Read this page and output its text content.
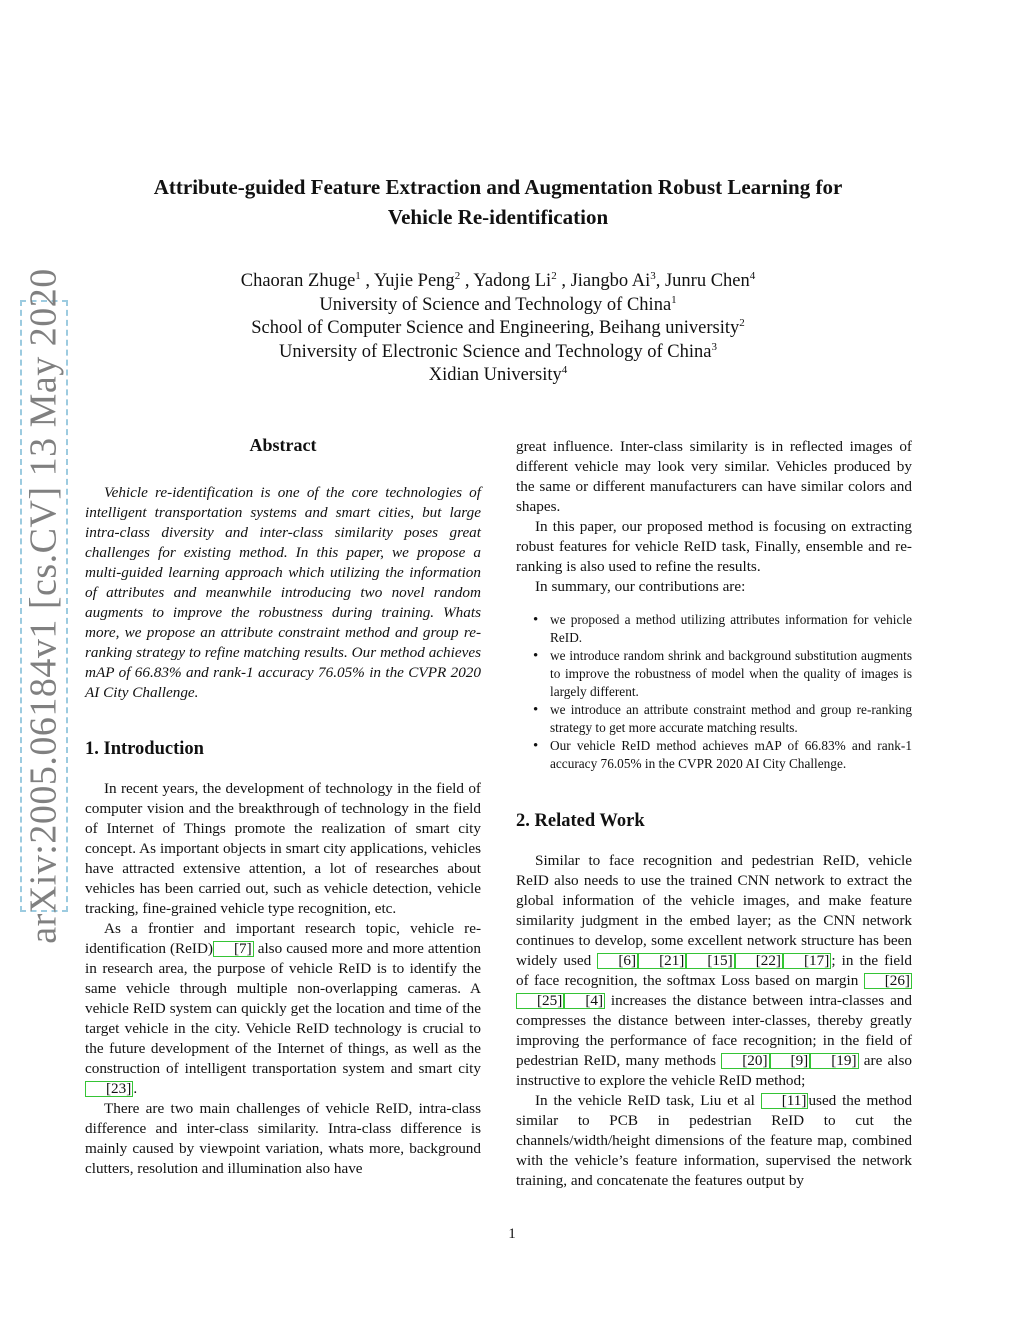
arXiv:2005.06184v1 [cs.CV] 13 May 2020
Attribute-guided Feature Extraction and Augmentation Robust Learning for
Vehicle Re-identification
Chaoran Zhuge$^1$ , Yujie Peng$^2$ , Yadong Li$^2$ , Jiangbo Ai$^3$, Junru Chen$^4$
University of Science and Technology of China$^1$
School of Computer Science and Engineering, Beihang university$^2$
University of Electronic Science and Technology of China$^3$
Xidian University$^4$
Abstract

Vehicle re-identification is one of the core technologies of intelligent transportation systems and smart cities, but large intra-class diversity and inter-class similarity poses great challenges for existing method. In this paper, we propose a multi-guided learning approach which utilizing the information of attributes and meanwhile introducing two novel random augments to improve the robustness during training. Whats more, we propose an attribute constraint method and group re-ranking strategy to refine matching results. Our method achieves mAP of 66.83% and rank-1 accuracy 76.05% in the CVPR 2020 AI City Challenge.

1. Introduction

In recent years, the development of technology in the field of computer vision and the breakthrough of technology in the field of Internet of Things promote the realization of smart city concept. As important objects in smart city applications, vehicles have attracted extensive attention, a lot of researches about vehicles has been carried out, such as vehicle detection, vehicle tracking, fine-grained vehicle type recognition, etc.

As a frontier and important research topic, vehicle re-identification (ReID) [7] also caused more and more attention in research area, the purpose of vehicle ReID is to identify the same vehicle through multiple non-overlapping cameras. A vehicle ReID system can quickly get the location and time of the target vehicle in the city. Vehicle ReID technology is crucial to the future development of the Internet of things, as well as the construction of intelligent transportation system and smart city[23] .

There are two main challenges of vehicle ReID, intra-class difference and inter-class similarity. Intra-class difference is mainly caused by viewpoint variation, whats more, background clutters, resolution and illumination also have

great influence. Inter-class similarity is in reflected images of different vehicle may look very similar. Vehicles produced by the same or different manufacturers can have similar colors and shapes.

In this paper, our proposed method is focusing on extracting robust features for vehicle ReID task, Finally, ensemble and re-ranking is also used to refine the results.

In summary, our contributions are:

• we proposed a method utilizing attributes information for vehicle ReID.
• we introduce random shrink and background substitution augments to improve the robustness of model when the quality of images is largely different.
• we introduce an attribute constraint method and group re-ranking strategy to get more accurate matching results.
• Our vehicle ReID method achieves mAP of 66.83% and rank-1 accuracy 76.05% in the CVPR 2020 AI City Challenge.
2. Related Work

Similar to face recognition and pedestrian ReID, vehicle ReID also needs to use the trained CNN network to extract the global information of the vehicle images, and make feature similarity judgment in the embed layer; as the CNN network continues to develop, some excellent network structure has been widely used [6] [21] [15] [22] [17] ; in the field of face recognition, the softmax Loss based on margin [26][25] [4] increases the distance between intra-classes and compresses the distance between inter-classes, thereby greatly improving the performance of face recognition; in the field of pedestrian ReID, many methods [20] [9] [19] are also instructive to explore the vehicle ReID method;

In the vehicle ReID task, Liu et al [11] used the method similar to PCB in pedestrian ReID to cut the channels/width/height dimensions of the feature map, combined with the vehicle’s feature information, supervised the network training, and concatenate the features output by

1
